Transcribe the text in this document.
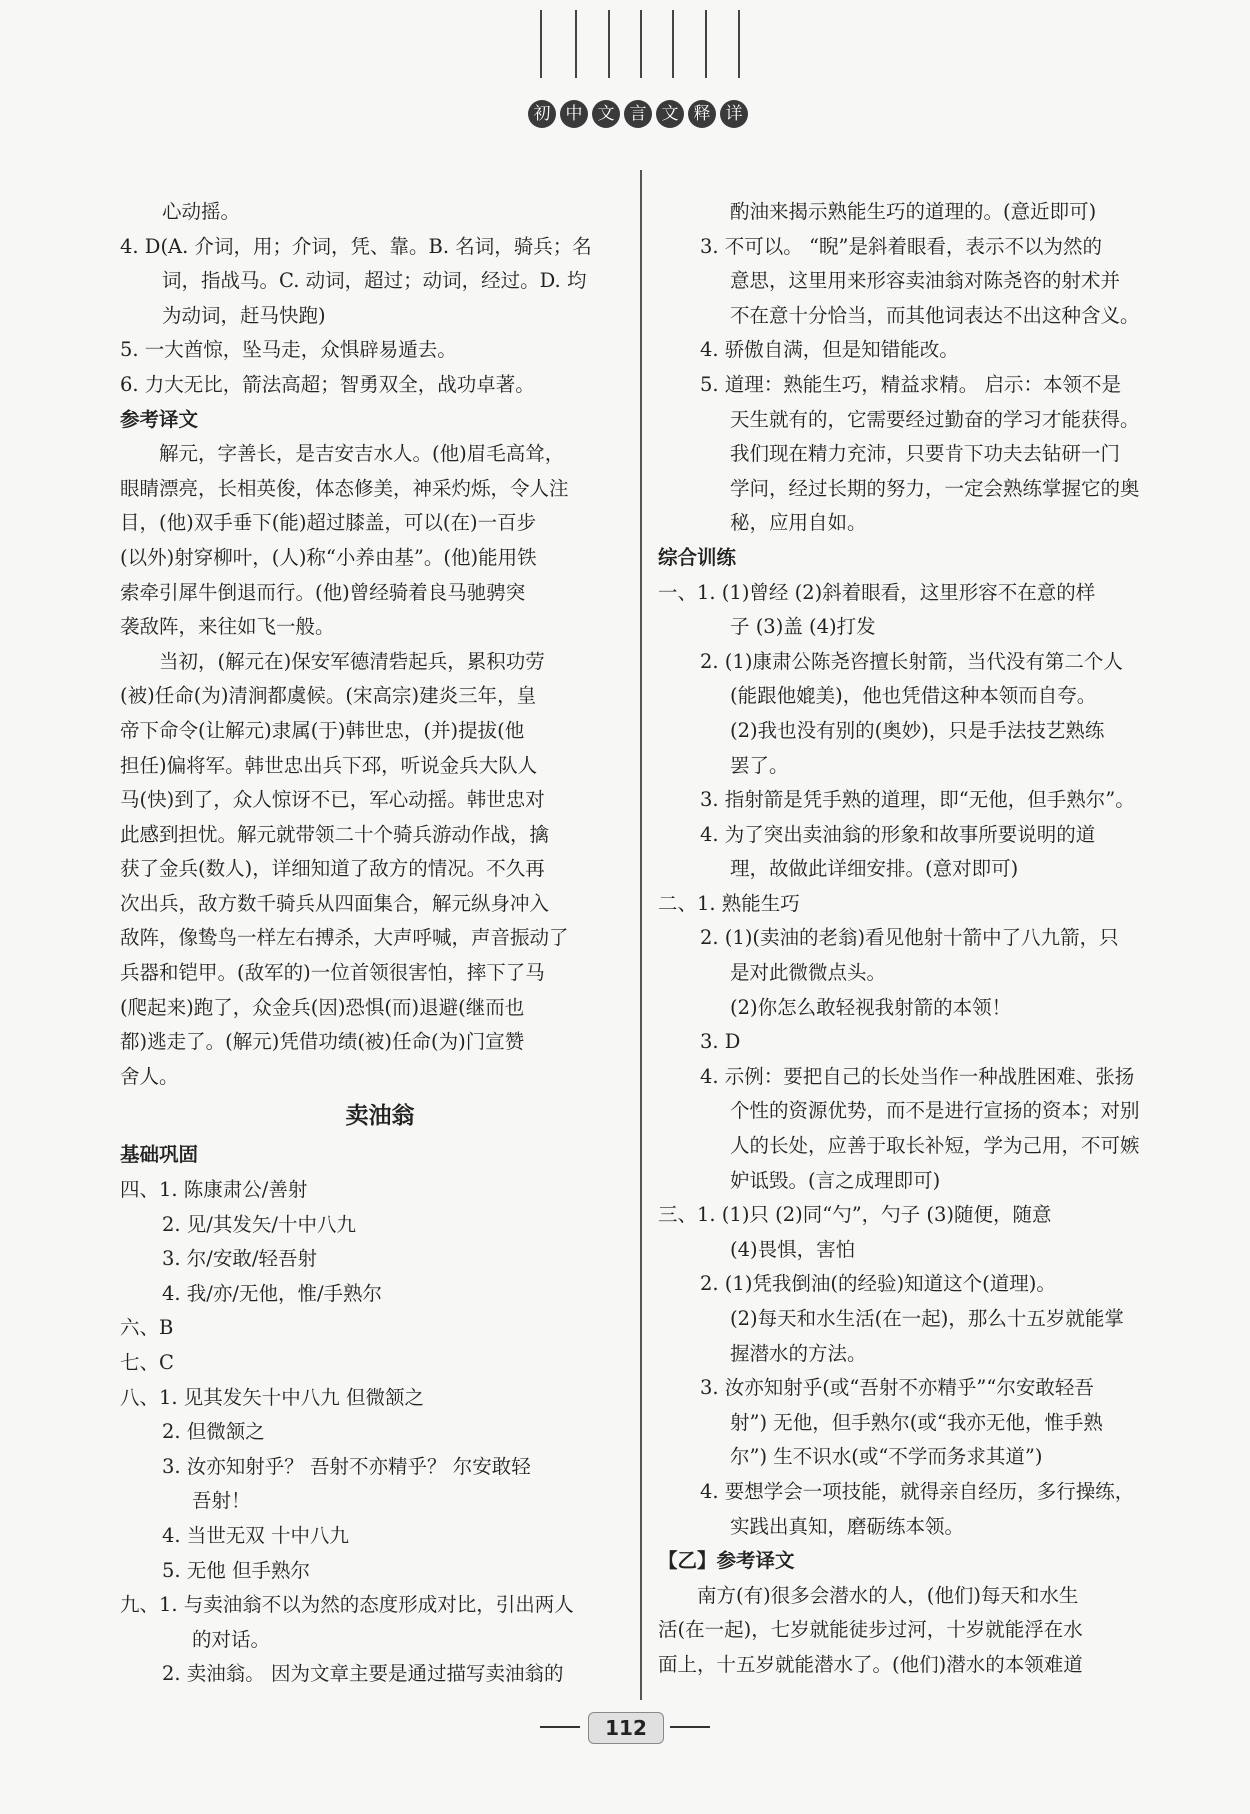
初 中 文 言 文 释 详

心动摇。

4. D(A. 介词，用；介词，凭、靠。B. 名词，骑兵；名

词，指战马。C. 动词，超过；动词，经过。D. 均

为动词，赶马快跑)

5. 一大酋惊，坠马走，众惧辟易遁去。

6. 力大无比，箭法高超；智勇双全，战功卓著。

参考译文

解元，字善长，是吉安吉水人。(他)眉毛高耸，

眼睛漂亮，长相英俊，体态修美，神采灼烁，令人注

目，(他)双手垂下(能)超过膝盖，可以(在)一百步

(以外)射穿柳叶，(人)称“小养由基”。(他)能用铁

索牵引犀牛倒退而行。(他)曾经骑着良马驰骋突

袭敌阵，来往如飞一般。

当初，(解元在)保安军德清砦起兵，累积功劳

(被)任命(为)清涧都虞候。(宋高宗)建炎三年，皇

帝下命令(让解元)隶属(于)韩世忠，(并)提拔(他

担任)偏将军。韩世忠出兵下邳，听说金兵大队人

马(快)到了，众人惊讶不已，军心动摇。韩世忠对

此感到担忧。解元就带领二十个骑兵游动作战，擒

获了金兵(数人)，详细知道了敌方的情况。不久再

次出兵，敌方数千骑兵从四面集合，解元纵身冲入

敌阵，像鸷鸟一样左右搏杀，大声呼喊，声音振动了

兵器和铠甲。(敌军的)一位首领很害怕，摔下了马

(爬起来)跑了，众金兵(因)恐惧(而)退避(继而也

都)逃走了。(解元)凭借功绩(被)任命(为)门宣赞

舍人。

卖油翁

基础巩固

四、1. 陈康肃公/善射

2. 见/其发矢/十中八九

3. 尔/安敢/轻吾射

4. 我/亦/无他，惟/手熟尔

六、B

七、C

八、1. 见其发矢十中八九 但微颔之

2. 但微颔之

3. 汝亦知射乎？ 吾射不亦精乎？ 尔安敢轻

吾射！

4. 当世无双 十中八九

5. 无他 但手熟尔

九、1. 与卖油翁不以为然的态度形成对比，引出两人

的对话。

2. 卖油翁。 因为文章主要是通过描写卖油翁的

酌油来揭示熟能生巧的道理的。(意近即可)

3. 不可以。 “睨”是斜着眼看，表示不以为然的

意思，这里用来形容卖油翁对陈尧咨的射术并

不在意十分恰当，而其他词表达不出这种含义。

4. 骄傲自满，但是知错能改。

5. 道理：熟能生巧，精益求精。 启示：本领不是

天生就有的，它需要经过勤奋的学习才能获得。

我们现在精力充沛，只要肯下功夫去钻研一门

学问，经过长期的努力，一定会熟练掌握它的奥

秘，应用自如。

综合训练

一、1. (1)曾经 (2)斜着眼看，这里形容不在意的样

子 (3)盖 (4)打发

2. (1)康肃公陈尧咨擅长射箭，当代没有第二个人

(能跟他媲美)，他也凭借这种本领而自夸。

(2)我也没有别的(奥妙)，只是手法技艺熟练

罢了。

3. 指射箭是凭手熟的道理，即“无他，但手熟尔”。

4. 为了突出卖油翁的形象和故事所要说明的道

理，故做此详细安排。(意对即可)

二、1. 熟能生巧

2. (1)(卖油的老翁)看见他射十箭中了八九箭，只

是对此微微点头。

(2)你怎么敢轻视我射箭的本领！

3. D

4. 示例：要把自己的长处当作一种战胜困难、张扬

个性的资源优势，而不是进行宣扬的资本；对别

人的长处，应善于取长补短，学为己用，不可嫉

妒诋毁。(言之成理即可)

三、1. (1)只 (2)同“勺”，勺子 (3)随便，随意

(4)畏惧，害怕

2. (1)凭我倒油(的经验)知道这个(道理)。

(2)每天和水生活(在一起)，那么十五岁就能掌

握潜水的方法。

3. 汝亦知射乎(或“吾射不亦精乎”“尔安敢轻吾

射”) 无他，但手熟尔(或“我亦无他，惟手熟

尔”) 生不识水(或“不学而务求其道”)

4. 要想学会一项技能，就得亲自经历，多行操练，

实践出真知，磨砺练本领。

【乙】参考译文

南方(有)很多会潜水的人，(他们)每天和水生

活(在一起)，七岁就能徒步过河，十岁就能浮在水

面上，十五岁就能潜水了。(他们)潜水的本领难道

112
